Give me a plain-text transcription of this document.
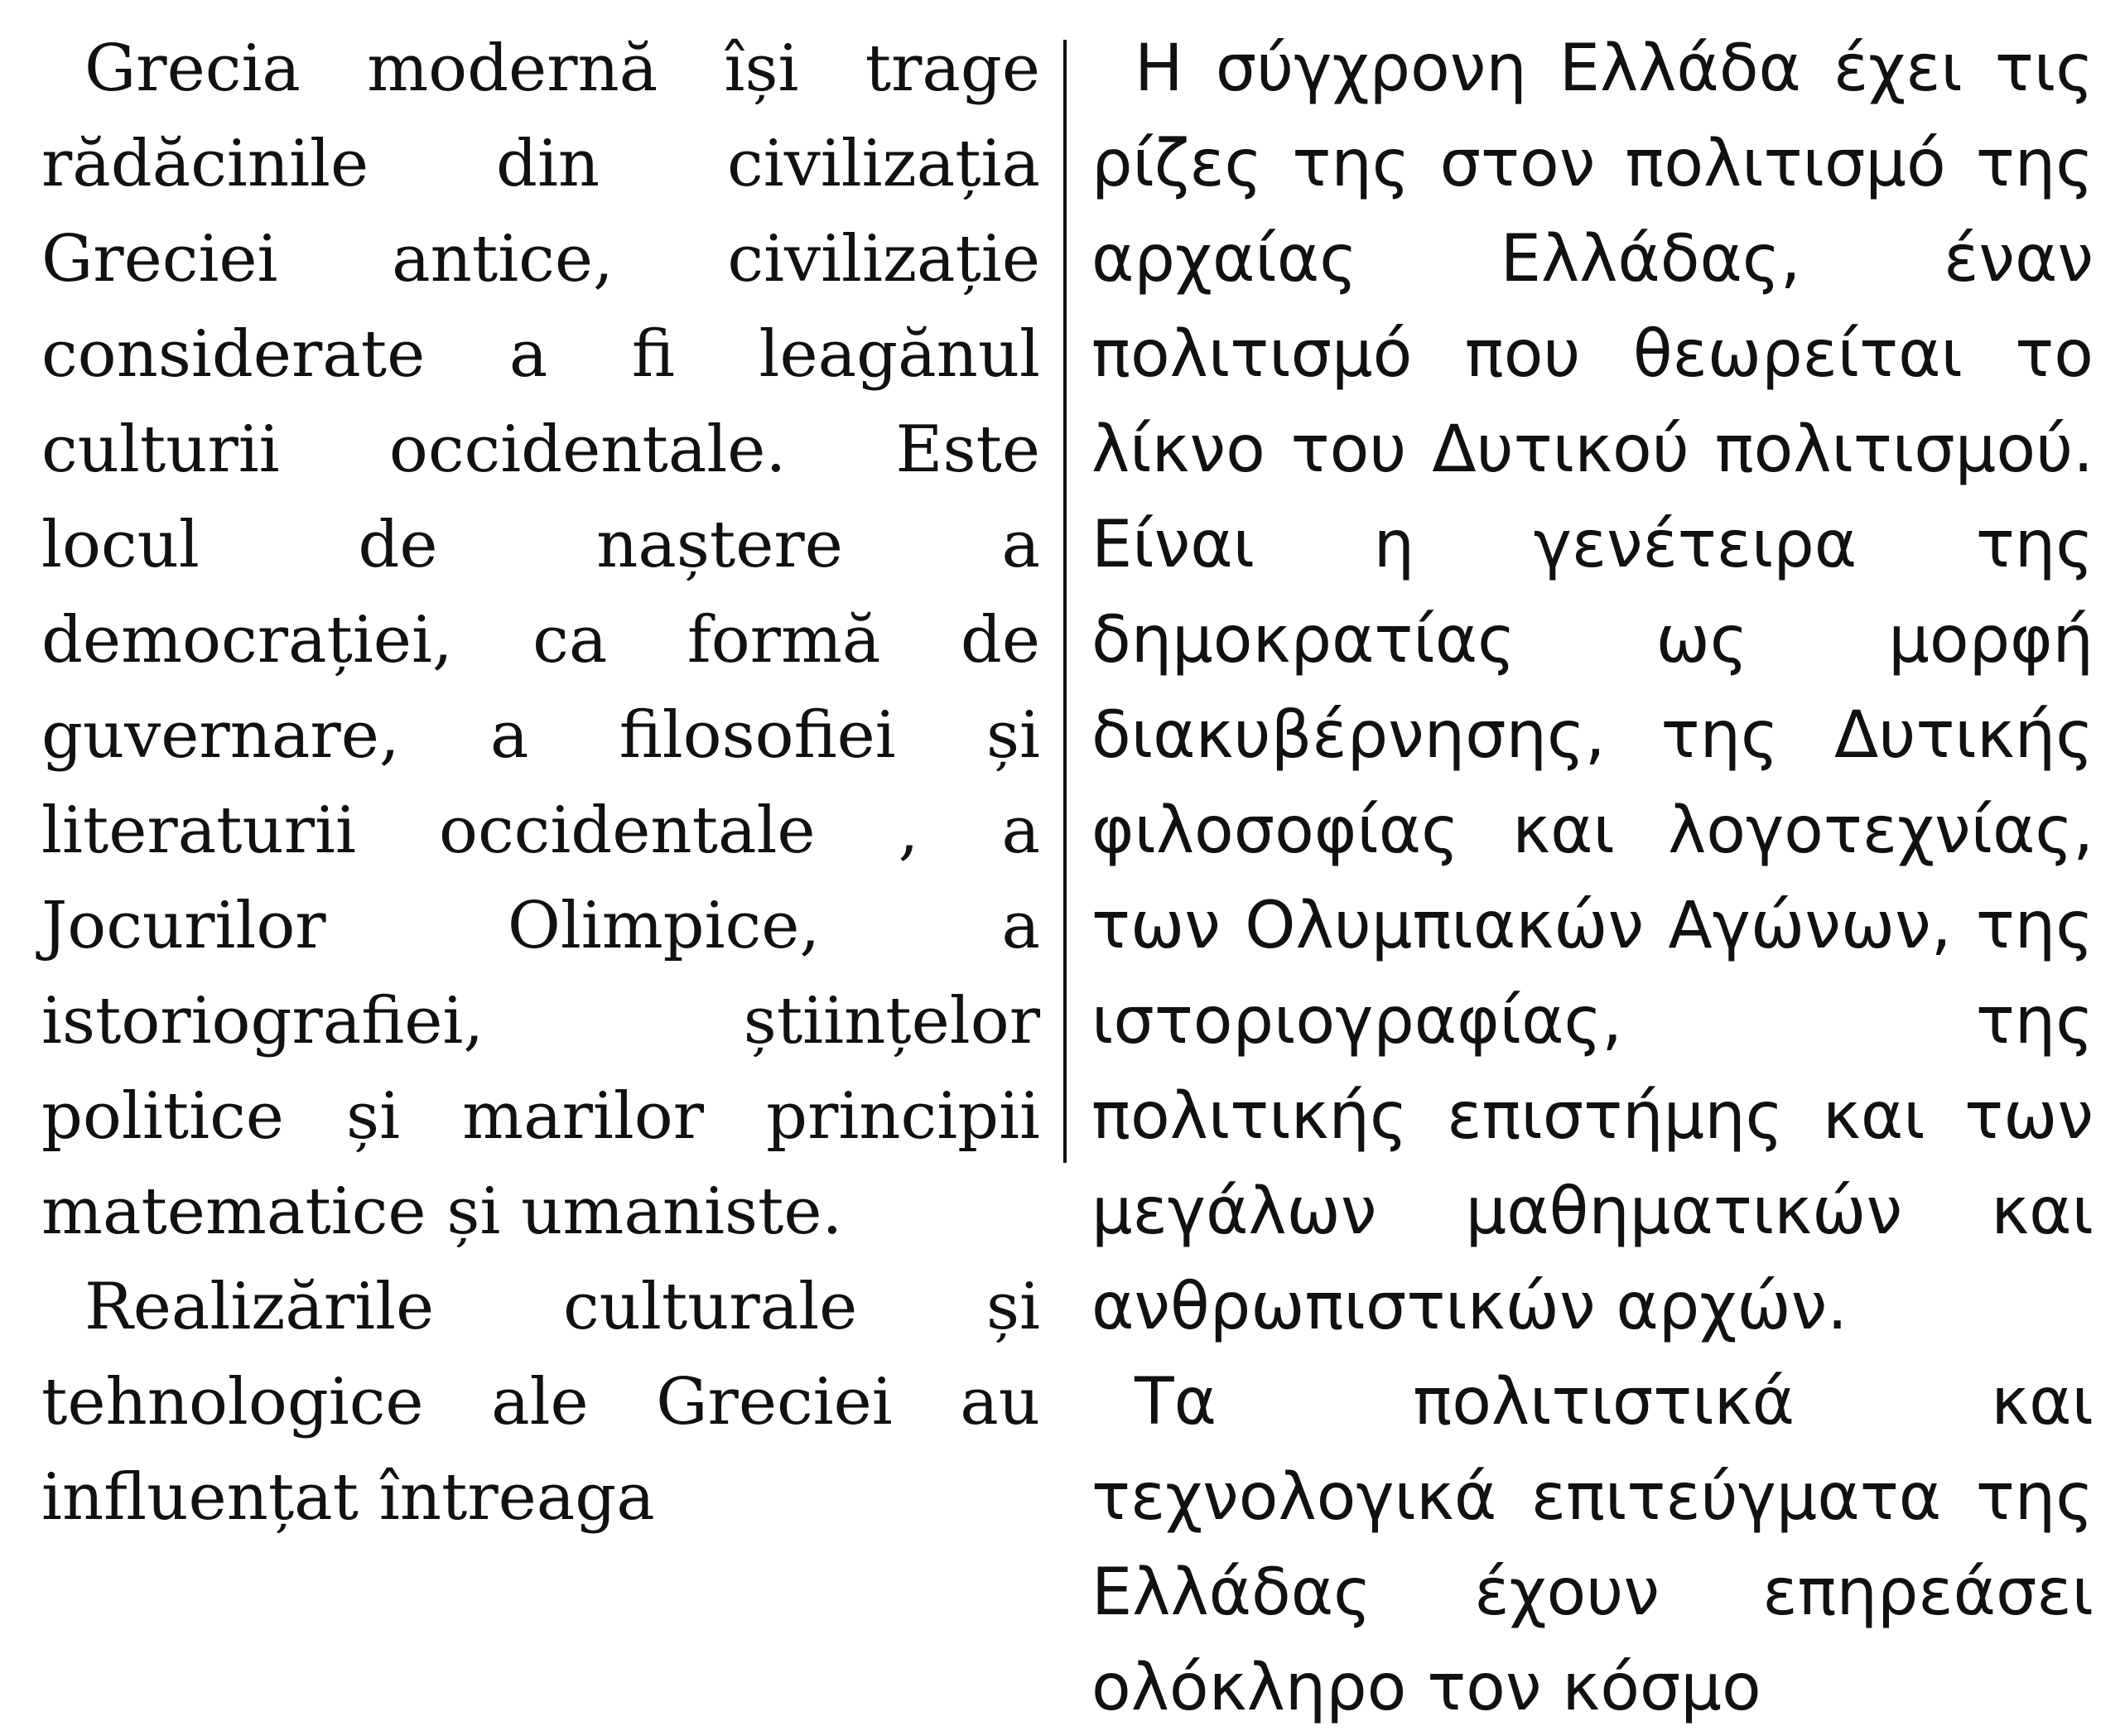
Grecia modernă își trage rădăcinile din civilizația Greciei antice, civilizație considerate a fi leagănul culturii occidentale. Este locul de naștere a democrației, ca formă de guvernare, a filosofiei și literaturii occidentale , a Jocurilor Olimpice, a istoriografiei, științelor politice și marilor principii matematice și umaniste.

Realizările culturale și tehnologice ale Greciei au influențat întreaga

Η σύγχρονη Ελλάδα έχει τις ρίζες της στον πολιτισμό της αρχαίας Ελλάδας, έναν πολιτισμό που θεωρείται το λίκνο του Δυτικού πολιτισμού. Είναι η γενέτειρα της δημοκρατίας ως μορφή διακυβέρνησης, της Δυτικής φιλοσοφίας και λογοτεχνίας, των Ολυμπιακών Αγώνων, της ιστοριογραφίας, της πολιτικής επιστήμης και των μεγάλων μαθηματικών και ανθρωπιστικών αρχών.

Τα πολιτιστικά και τεχνολογικά επιτεύγματα της Ελλάδας έχουν επηρεάσει ολόκληρο τον κόσμο
